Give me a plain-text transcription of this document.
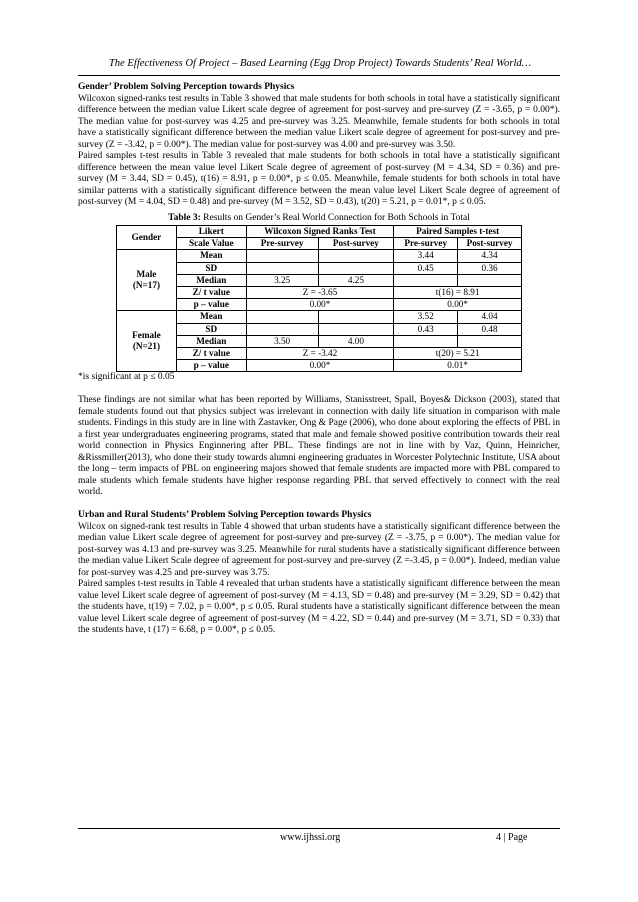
The Effectiveness Of Project – Based Learning (Egg Drop Project) Towards Students’ Real World…
Gender’ Problem Solving Perception towards Physics

Wilcoxon signed-ranks test results in Table 3 showed that male students for both schools in total have a statistically significant difference between the median value Likert scale degree of agreement for post-survey and pre-survey (Z = -3.65, p = 0.00*). The median value for post-survey was 4.25 and pre-survey was 3.25. Meanwhile, female students for both schools in total have a statistically significant difference between the median value Likert scale degree of agreement for post-survey and pre-survey (Z = -3.42, p = 0.00*). The median value for post-survey was 4.00 and pre-survey was 3.50.

Paired samples t-test results in Table 3 revealed that male students for both schools in total have a statistically significant difference between the mean value level Likert Scale degree of agreement of post-survey (M = 4.34, SD = 0.36) and pre-survey (M = 3.44, SD = 0.45), t(16) = 8.91, p = 0.00*, p ≤ 0.05. Meanwhile, female students for both schools in total have similar patterns with a statistically significant difference between the mean value level Likert Scale degree of agreement of post-survey (M = 4.04, SD = 0.48) and pre-survey (M = 3.52, SD = 0.43), t(20) = 5.21, p = 0.01*, p ≤ 0.05.

Table 3: Results on Gender’s Real World Connection for Both Schools in Total
Gender	Likert	Wilcoxon Signed Ranks Test		Paired Samples t-test	
	Scale Value	Pre-survey	Post-survey	Pre-survey	Post-survey
Male
(N=17)	Mean			3.44	4.34
	SD			0.45	0.36
	Median	3.25	4.25		
	Z/ t value	Z = -3.65		t(16) = 8.91	
	p – value	0.00*		0.00*	
Female
(N=21)	Mean			3.52	4.04
	SD			0.43	0.48
	Median	3.50	4.00		
	Z/ t value	Z = -3.42		t(20) = 5.21	
	p – value	0.00*		0.01*	

*is significant at p ≤ 0.05

These findings are not similar what has been reported by Williams, Stanisstreet, Spall, Boyes& Dickson (2003), stated that female students found out that physics subject was irrelevant in connection with daily life situation in comparison with male students. Findings in this study are in line with Zastavker, Ong & Page (2006), who done about exploring the effects of PBL in a first year undergraduates engineering programs, stated that male and female showed positive contribution towards their real world connection in Physics Enginnering after PBL. These findings are not in line with by Vaz, Quinn, Heinricher, &Rissmiller(2013), who done their study towards alumni engineering graduates in Worcester Polytechnic Institute, USA about the long – term impacts of PBL on engineering majors showed that female students are impacted more with PBL compared to male students which female students have higher response regarding PBL that served effectively to connect with the real world.

Urban and Rural Students’ Problem Solving Perception towards Physics

Wilcox on signed-rank test results in Table 4 showed that urban students have a statistically significant difference between the median value Likert scale degree of agreement for post-survey and pre-survey (Z = -3.75, p = 0.00*). The median value for post-survey was 4.13 and pre-survey was 3.25. Meanwhile for rural students have a statistically significant difference between the median value Likert Scale degree of agreement for post-survey and pre-survey (Z =-3.45, p = 0.00*). Indeed, median value for post-survey was 4.25 and pre-survey was 3.75.

Paired samples t-test results in Table 4 revealed that urban students have a statistically significant difference between the mean value level Likert scale degree of agreement of post-survey (M = 4.13, SD = 0.48) and pre-survey (M = 3.29, SD = 0.42) that the students have, t(19) = 7.02, p = 0.00*, p ≤ 0.05. Rural students have a statistically significant difference between the mean value level Likert scale degree of agreement of post-survey (M = 4.22, SD = 0.44) and pre-survey (M = 3.71, SD = 0.33) that the students have, t (17) = 6.68, p = 0.00*, p ≤ 0.05.

www.ijhssi.org	4 | Page
